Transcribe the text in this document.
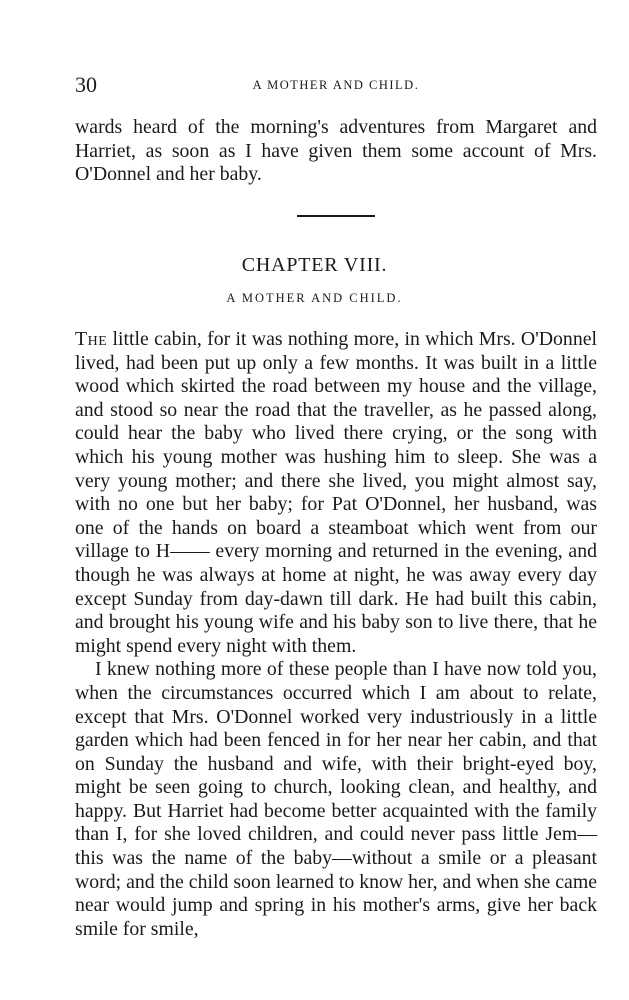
30	A MOTHER AND CHILD.

wards heard of the morning's adventures from Margaret and Harriet, as soon as I have given them some account of Mrs. O'Donnel and her baby.

CHAPTER VIII.
A MOTHER AND CHILD.

The little cabin, for it was nothing more, in which Mrs. O'Donnel lived, had been put up only a few months. It was built in a little wood which skirted the road between my house and the village, and stood so near the road that the traveller, as he passed along, could hear the baby who lived there crying, or the song with which his young mother was hushing him to sleep. She was a very young mother; and there she lived, you might almost say, with no one but her baby; for Pat O'Donnel, her husband, was one of the hands on board a steamboat which went from our village to H—— every morning and returned in the evening, and though he was always at home at night, he was away every day except Sunday from day-dawn till dark. He had built this cabin, and brought his young wife and his baby son to live there, that he might spend every night with them.

I knew nothing more of these people than I have now told you, when the circumstances occurred which I am about to relate, except that Mrs. O'Donnel worked very industriously in a little garden which had been fenced in for her near her cabin, and that on Sunday the husband and wife, with their bright-eyed boy, might be seen going to church, looking clean, and healthy, and happy. But Harriet had become better acquainted with the family than I, for she loved children, and could never pass little Jem—this was the name of the baby—without a smile or a pleasant word; and the child soon learned to know her, and when she came near would jump and spring in his mother's arms, give her back smile for smile,
